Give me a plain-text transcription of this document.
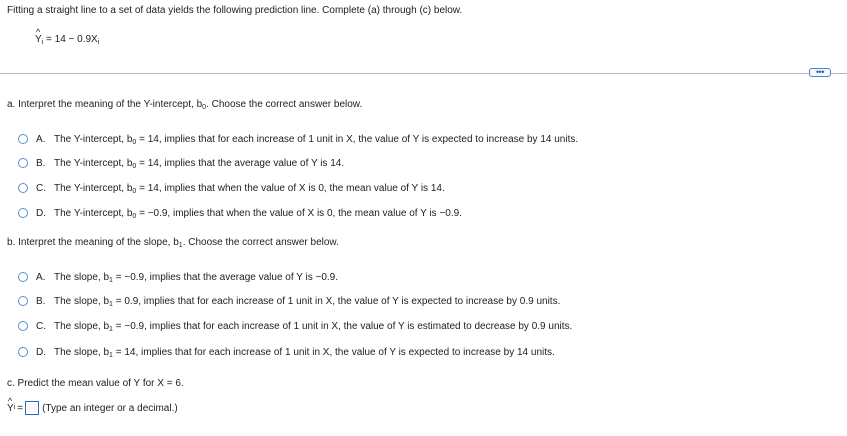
Fitting a straight line to a set of data yields the following prediction line. Complete (a) through (c) below.
^ $Y_i = 14 - 0.9X_i$
•••
a. Interpret the meaning of the Y-intercept, $b_0$. Choose the correct answer below.
A. The Y-intercept, $b_0 = 14$, implies that for each increase of 1 unit in X, the value of Y is expected to increase by 14 units.
B. The Y-intercept, $b_0 = 14$, implies that the average value of Y is 14.
C. The Y-intercept, $b_0 = 14$, implies that when the value of X is 0, the mean value of Y is 14.
D. The Y-intercept, $b_0 = -0.9$, implies that when the value of X is 0, the mean value of Y is −0.9.
b. Interpret the meaning of the slope, $b_1$. Choose the correct answer below.
A. The slope, $b_1 = -0.9$, implies that the average value of Y is −0.9.
B. The slope, $b_1 = 0.9$, implies that for each increase of 1 unit in X, the value of Y is expected to increase by 0.9 units.
C. The slope, $b_1 = -0.9$, implies that for each increase of 1 unit in X, the value of Y is estimated to decrease by 0.9 units.
D. The slope, $b_1 = 14$, implies that for each increase of 1 unit in X, the value of Y is expected to increase by 14 units.
c. Predict the mean value of Y for X = 6.
^ Y i = (Type an integer or a decimal.)
